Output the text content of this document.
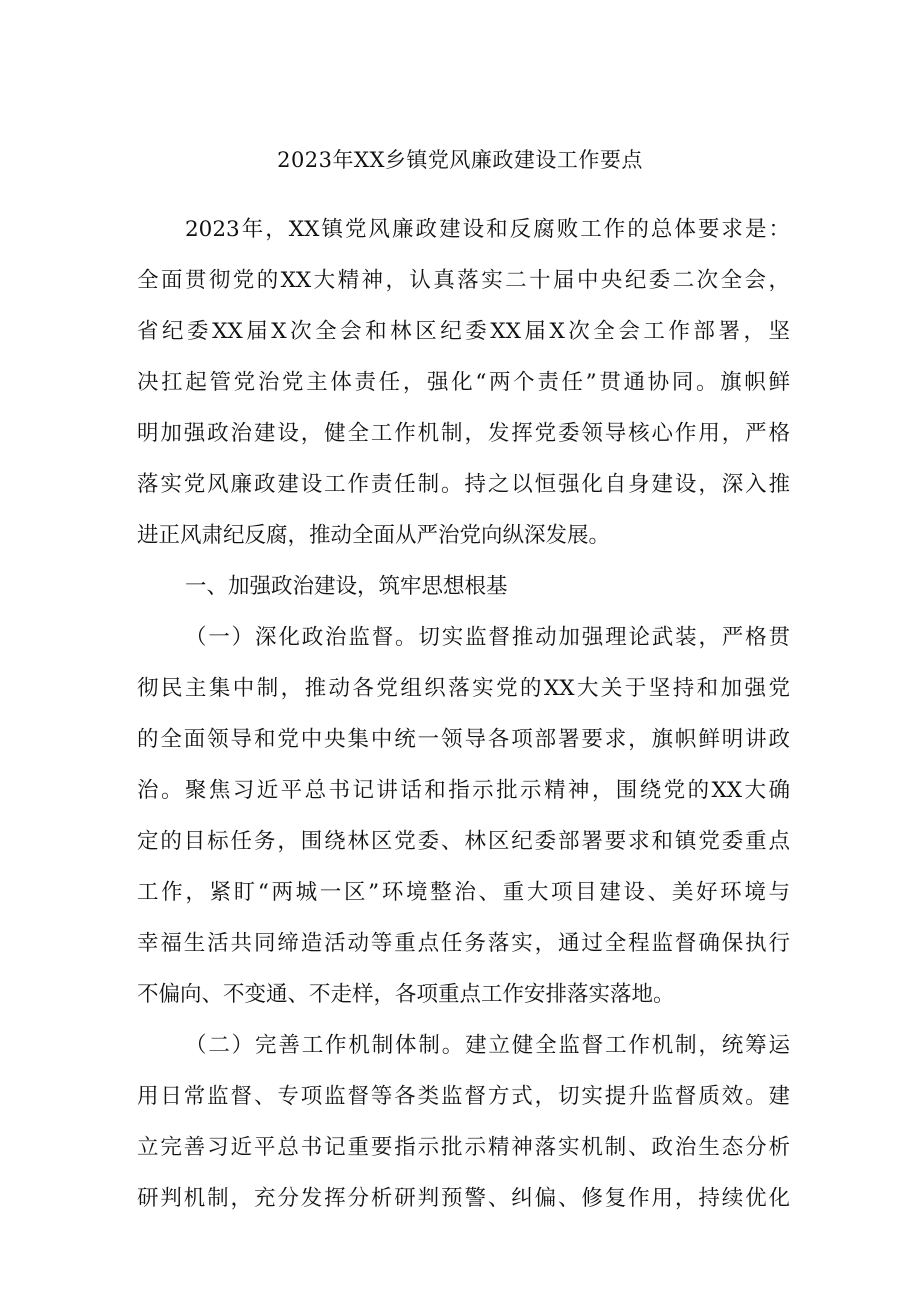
2023年XX乡镇党风廉政建设工作要点
2023年，XX镇党风廉政建设和反腐败工作的总体要求是：
全面贯彻党的XX大精神，认真落实二十届中央纪委二次全会，
省纪委XX届X次全会和林区纪委XX届X次全会工作部署，坚
决扛起管党治党主体责任，强化“两个责任”贯通协同。旗帜鲜
明加强政治建设，健全工作机制，发挥党委领导核心作用，严格
落实党风廉政建设工作责任制。持之以恒强化自身建设，深入推
进正风肃纪反腐，推动全面从严治党向纵深发展。
一、加强政治建设，筑牢思想根基
（一）深化政治监督。切实监督推动加强理论武装，严格贯
彻民主集中制，推动各党组织落实党的XX大关于坚持和加强党
的全面领导和党中央集中统一领导各项部署要求，旗帜鲜明讲政
治。聚焦习近平总书记讲话和指示批示精神，围绕党的XX大确
定的目标任务，围绕林区党委、林区纪委部署要求和镇党委重点
工作，紧盯“两城一区”环境整治、重大项目建设、美好环境与
幸福生活共同缔造活动等重点任务落实，通过全程监督确保执行
不偏向、不变通、不走样，各项重点工作安排落实落地。
（二）完善工作机制体制。建立健全监督工作机制，统筹运
用日常监督、专项监督等各类监督方式，切实提升监督质效。建
立完善习近平总书记重要指示批示精神落实机制、政治生态分析
研判机制，充分发挥分析研判预警、纠偏、修复作用，持续优化
